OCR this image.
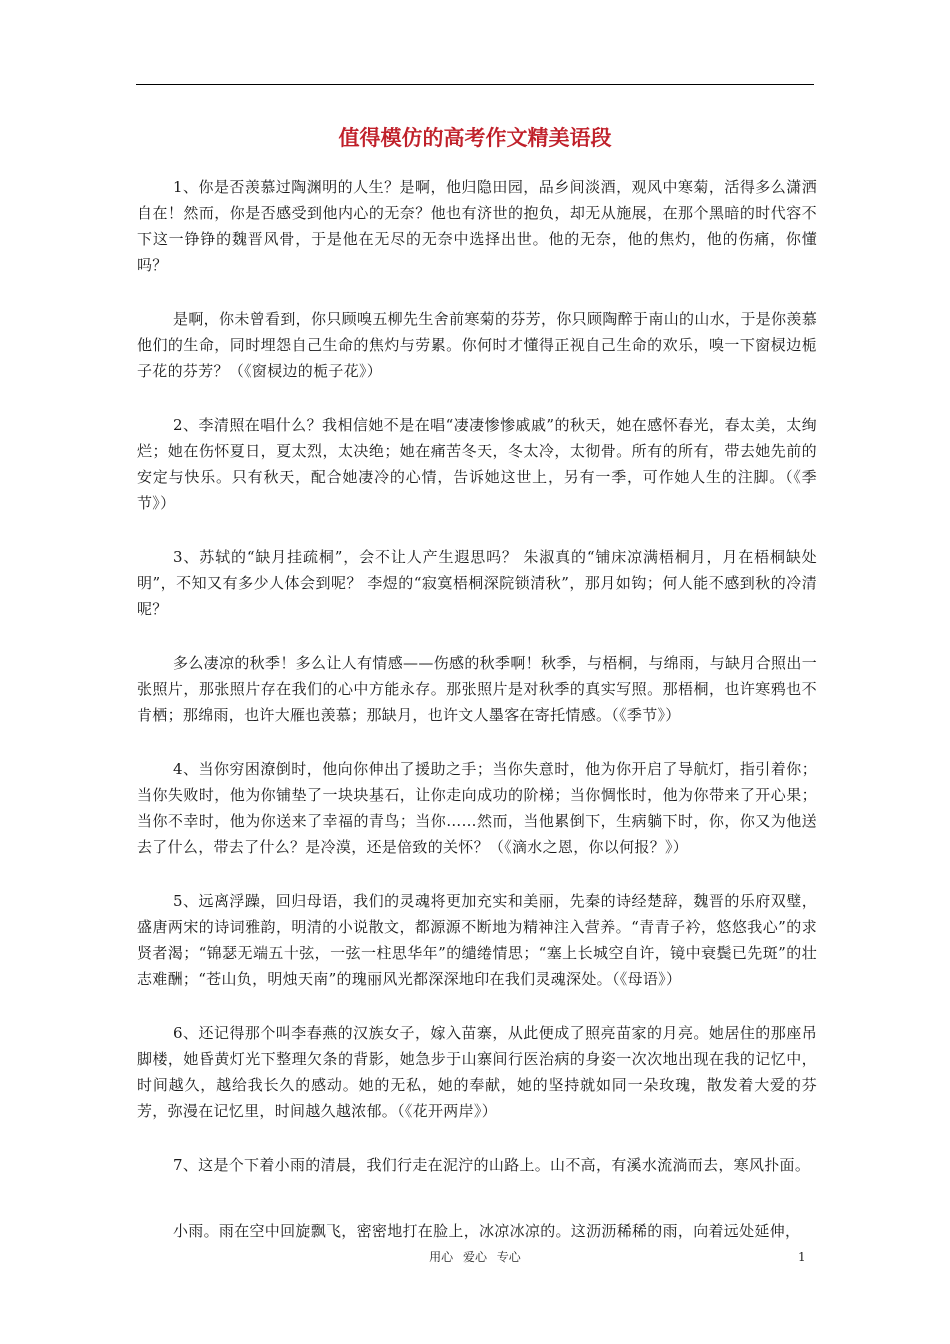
值得模仿的高考作文精美语段

1、你是否羡慕过陶渊明的人生？是啊，他归隐田园，品乡间淡酒，观风中寒菊，活得多么潇洒自在！然而，你是否感受到他内心的无奈？他也有济世的抱负，却无从施展，在那个黑暗的时代容不下这一铮铮的魏晋风骨，于是他在无尽的无奈中选择出世。他的无奈，他的焦灼，他的伤痛，你懂吗？

是啊，你未曾看到，你只顾嗅五柳先生舍前寒菊的芬芳，你只顾陶醉于南山的山水，于是你羡慕他们的生命，同时埋怨自己生命的焦灼与劳累。你何时才懂得正视自己生命的欢乐，嗅一下窗棂边栀子花的芬芳？（《窗棂边的栀子花》）

2、李清照在唱什么？我相信她不是在唱“凄凄惨惨戚戚”的秋天，她在感怀春光，春太美，太绚烂；她在伤怀夏日，夏太烈，太决绝；她在痛苦冬天，冬太冷，太彻骨。所有的所有，带去她先前的安定与快乐。只有秋天，配合她凄冷的心情，告诉她这世上，另有一季，可作她人生的注脚。（《季节》）

3、苏轼的“缺月挂疏桐”，会不让人产生遐思吗？ 朱淑真的“铺床凉满梧桐月，月在梧桐缺处明”，不知又有多少人体会到呢？ 李煜的“寂寞梧桐深院锁清秋”，那月如钩；何人能不感到秋的冷清呢？

多么凄凉的秋季！多么让人有情感——伤感的秋季啊！秋季，与梧桐，与绵雨，与缺月合照出一张照片，那张照片存在我们的心中方能永存。那张照片是对秋季的真实写照。那梧桐，也许寒鸦也不肯栖；那绵雨，也许大雁也羡慕；那缺月，也许文人墨客在寄托情感。（《季节》）

4、当你穷困潦倒时，他向你伸出了援助之手；当你失意时，他为你开启了导航灯，指引着你；当你失败时，他为你铺垫了一块块基石，让你走向成功的阶梯；当你惆怅时，他为你带来了开心果；当你不幸时，他为你送来了幸福的青鸟；当你……然而，当他累倒下，生病躺下时，你，你又为他送去了什么，带去了什么？是冷漠，还是倍致的关怀？（《滴水之恩，你以何报？》）

5、远离浮躁，回归母语，我们的灵魂将更加充实和美丽，先秦的诗经楚辞，魏晋的乐府双璧，盛唐两宋的诗词雅韵，明清的小说散文，都源源不断地为精神注入营养。“青青子衿，悠悠我心”的求贤者渴；“锦瑟无端五十弦，一弦一柱思华年”的缱绻情思；“塞上长城空自许，镜中衰鬓已先斑”的壮志难酬；“苍山负，明烛天南”的瑰丽风光都深深地印在我们灵魂深处。（《母语》）

6、还记得那个叫李春燕的汉族女子，嫁入苗寨，从此便成了照亮苗家的月亮。她居住的那座吊脚楼，她昏黄灯光下整理欠条的背影，她急步于山寨间行医治病的身姿一次次地出现在我的记忆中，时间越久，越给我长久的感动。她的无私，她的奉献，她的坚持就如同一朵玫瑰，散发着大爱的芬芳，弥漫在记忆里，时间越久越浓郁。（《花开两岸》）

7、这是个下着小雨的清晨，我们行走在泥泞的山路上。山不高，有溪水流淌而去，寒风扑面。

小雨。雨在空中回旋飘飞，密密地打在脸上，冰凉冰凉的。这沥沥稀稀的雨，向着远处延伸，

用心 爱心 专心	1
